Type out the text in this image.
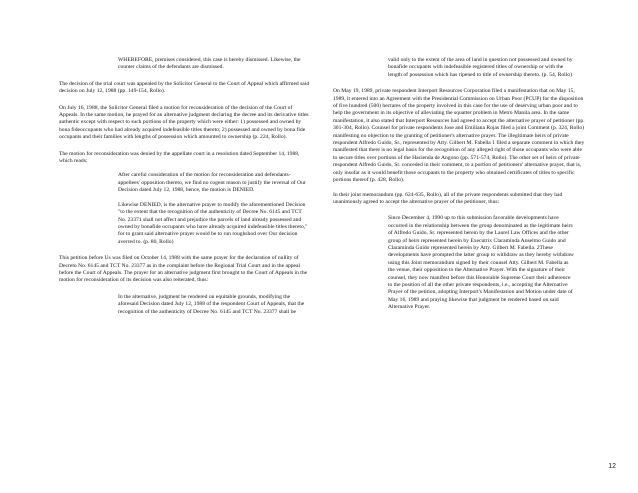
WHEREFORE, premises considered, this case is hereby dismissed. Likewise, the counter claims of the defendants are dismissed.

The decision of the trial court was appealed by the Solicitor General to the Court of Appeal which affirmed said decision on July 12, 1988 (pp. 149-154, Rollo).

On July 16, 1988, the Solicitor General filed a motion for reconsideration of the decision of the Court of Appeals. In the same motion, he prayed for an alternative judgment declaring the decree and its derivative titles authentic except with respect to such portions of the property which were either: 1) possessed and owned by bona fideoccupants who had already acquired indefeasible titles thereto; 2) possessed and owned by bona fide occupants and their families with lengths of possession which amounted to ownership (p. 224, Rollo).

The motion for reconsideration was denied by the appellate court in a resolution dated September 14, 1988, which reads:

After careful consideration of the motion for reconsideration and defendants-appellees' opposition thereto, we find no cogent reason to justify the reversal of Our Decision dated July 12, 1988, hence, the motion is DENIED.

Likewise DENIED, is the alternative prayer to modify the aforementioned Decision "to the extent that the recognition of the authenticity of Decree No. 6145 and TCT No. 23371 shall not affect and prejudice the parcels of land already possessed and owned by bonafide occupants who have already acquired indefeasible titles thereto," for to grant said alternative prayer would be to run roughshod over Our decision averred to. (p. 80, Rollo)

This petition before Us was filed on October 14, 1988 with the same prayer for the declaration of nullity of Decreto No. 6145 and TCT No. 23377 as in the complaint before the Regional Trial Court and in the appeal before the Court of Appeals. The prayer for an alternative judgment first brought to the Court of Appeals in the motion for reconsideration of its decision was also reiterated, thus:

In the alternative, judgment be rendered on equitable grounds, modifying the aforesaid Decision dated July 12, 1988 of the respondent Court of Appeals, that the recognition of the authenticity of Decree No. 6145 and TCT No. 23377 shall be

valid only to the extent of the area of land in question not possessed and owned by bonafide occupants with indefeasible registered titles of ownership or with the length of possession which has ripened to title of ownership thereto. (p. 54, Rollo)

On May 19, 1989, private respondent Interport Resources Corporation filed a manifestation that on May 15, 1989, it entered into an Agreement with the Presidential Commission on Urban Poor (PCUP) for the disposition of five hundred (500) hectares of the property involved in this case for the use of deserving urban poor and to help the government in its objective of alleviating the squatter problem in Metro Manila area. In the same manifestation, it also stated that Interport Resources had agreed to accept the alternative prayer of petitioner (pp. 301-304, Rollo). Counsel for private respondents Jose and Emiliana Rojas filed a joint Comment (p. 324, Rollo) manifesting no objection to the granting of petitioner's alternative prayer. The illegitimate heirs of private respondent Alfredo Guido, Sr., represented by Atty. Gilbert M. Fabella 1 filed a separate comment in which they manifested that there is no legal basis for the recognition of any alleged right of those occupants who were able to secure titles over portions of the Hacienda de Angono (pp. 571-574, Rollo). The other set of heirs of private respondent Alfredo Guido, Sr. conceded in their comment, to a portion of petitioners' alternative prayer, that is, only insofar as it would benefit those occupants to the property who obtained certificates of titles to specific portions thereof (p. 428, Rollo).

In their joint memorandum (pp. 624-635, Rollo), all of the private respondents submitted that they had unanimously agreed to accept the alternative prayer of the petitioner, thus:

Since December 4, 1990 up to this submission favorable developments have occurred in the relationship between the group denominated as the legitimate heirs of Alfredo Guido, Sr. represented herein by the Laurel Law Offices and the other group of heirs represented herein by Executrix Claraminda Anselmo Guido and Claraminda Guido represented herein by Atty. Gilbert M. Fabella. 2These developments have prompted the latter group to withdraw as they hereby withdraw using this Joint memorandum signed by their counsel Atty. Gilbert M. Fabella as the venue, their opposition to the Alternative Prayer. With the signature of their counsel, they now manifest before this Honorable Supreme Court their adherence to the position of all the other private respondents, i.e., accepting the Alternative Prayer of the petition, adopting Interport's Manifestation and Motion under date of May 16, 1989 and praying likewise that judgment be rendered based on said Alternative Prayer.

12
